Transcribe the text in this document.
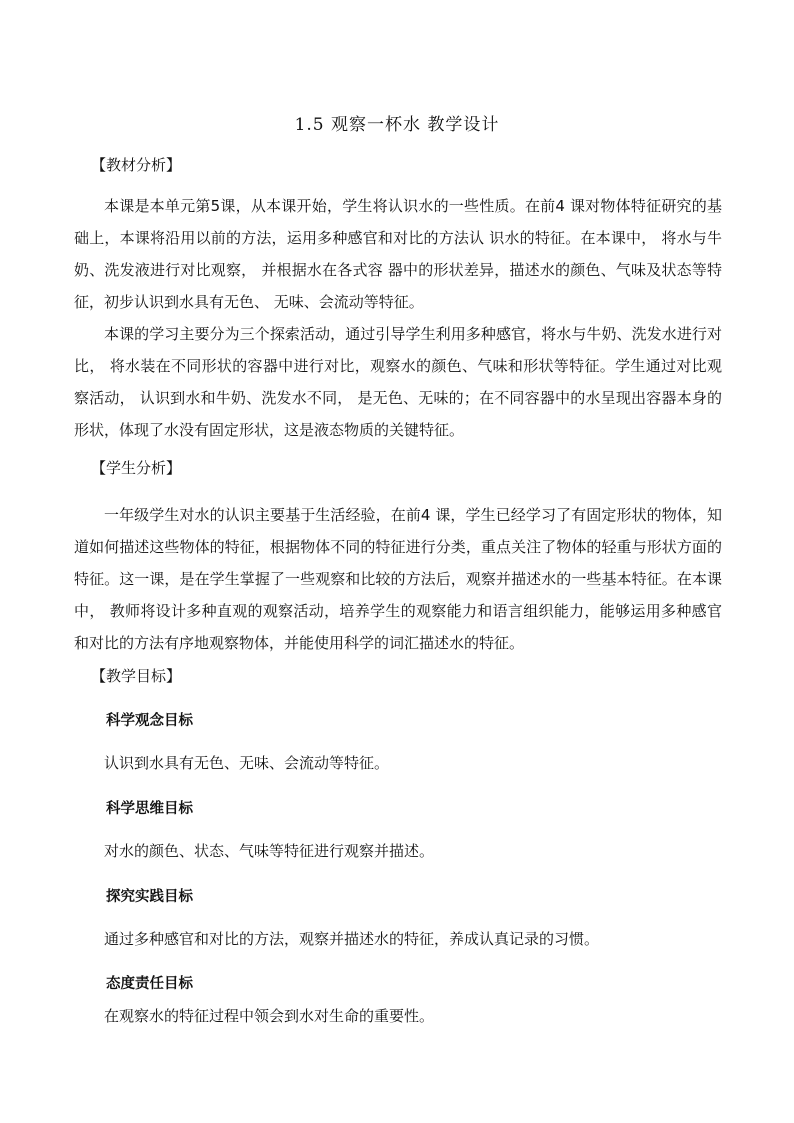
1.5 观察一杯水 教学设计
【教材分析】

本课是本单元第5课，从本课开始，学生将认识水的一些性质。在前4 课对物体特征研究的基础上，本课将沿用以前的方法，运用多种感官和对比的方法认 识水的特征。在本课中， 将水与牛奶、洗发液进行对比观察， 并根据水在各式容 器中的形状差异，描述水的颜色、气味及状态等特征，初步认识到水具有无色、 无味、会流动等特征。

本课的学习主要分为三个探索活动，通过引导学生利用多种感官，将水与牛奶、洗发水进行对比， 将水装在不同形状的容器中进行对比，观察水的颜色、气味和形状等特征。学生通过对比观察活动， 认识到水和牛奶、洗发水不同， 是无色、无味的；在不同容器中的水呈现出容器本身的形状，体现了水没有固定形状，这是液态物质的关键特征。

【学生分析】

一年级学生对水的认识主要基于生活经验，在前4 课，学生已经学习了有固定形状的物体，知道如何描述这些物体的特征，根据物体不同的特征进行分类，重点关注了物体的轻重与形状方面的特征。这一课，是在学生掌握了一些观察和比较的方法后，观察并描述水的一些基本特征。在本课中， 教师将设计多种直观的观察活动，培养学生的观察能力和语言组织能力，能够运用多种感官和对比的方法有序地观察物体，并能使用科学的词汇描述水的特征。

【教学目标】
科学观念目标
认识到水具有无色、无味、会流动等特征。
科学思维目标
对水的颜色、状态、气味等特征进行观察并描述。
探究实践目标
通过多种感官和对比的方法，观察并描述水的特征，养成认真记录的习惯。
态度责任目标
在观察水的特征过程中领会到水对生命的重要性。
